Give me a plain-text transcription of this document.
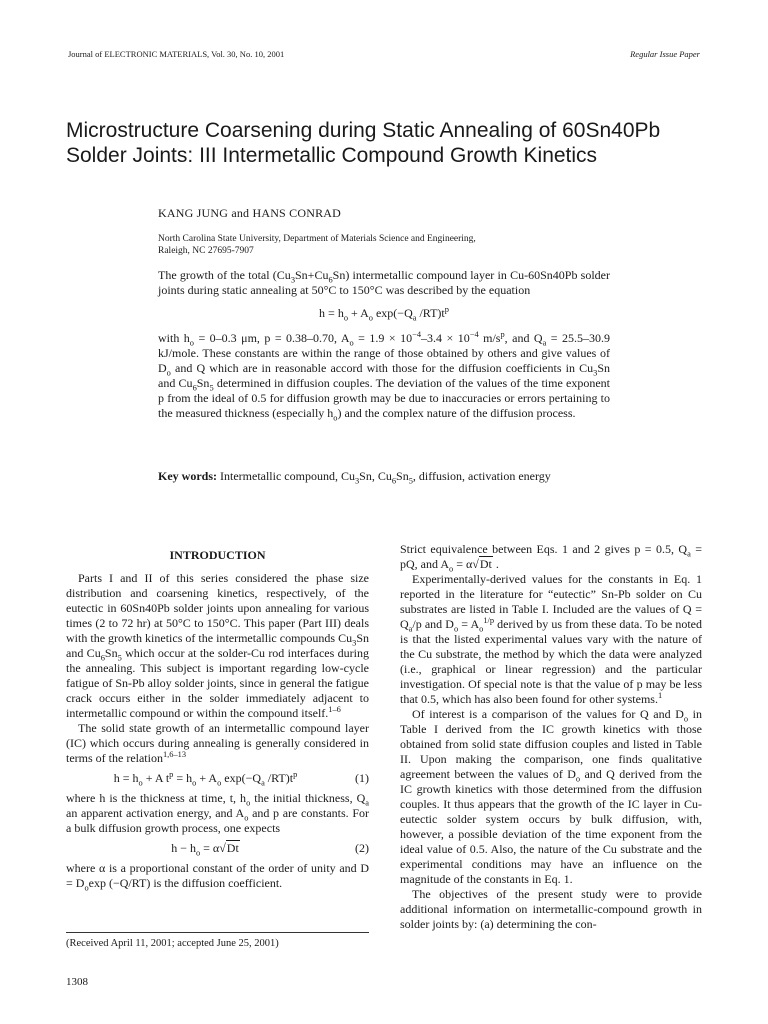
Journal of ELECTRONIC MATERIALS, Vol. 30, No. 10, 2001	Regular Issue Paper
Microstructure Coarsening during Static Annealing of 60Sn40Pb Solder Joints: III Intermetallic Compound Growth Kinetics
KANG JUNG and HANS CONRAD
North Carolina State University, Department of Materials Science and Engineering,
Raleigh, NC 27695-7907

The growth of the total $(Cu_3Sn+Cu_6Sn)$ intermetallic compound layer in Cu-60Sn40Pb solder joints during static annealing at 50°C to 150°C was described by the equation

$h = h_o + A_o$ $\exp(-Q_a$ $/RT)t^p$

with $h_o = 0-0.3$ μm, p = 0.38–0.70, $A_o = 1.9 \times 10^{-4}-3.4 \times 10^{-4}$ $m/s^p$, and $Q_a = 25.5-30.9$ kJ/mole. These constants are within the range of those obtained by others and give values of $D_o$ and Q which are in reasonable accord with those for the diffusion coefficients in $Cu_3Sn$ and $Cu_6Sn_5$ determined in diffusion couples. The deviation of the values of the time exponent p from the ideal of 0.5 for diffusion growth may be due to inaccuracies or errors pertaining to the measured thickness (especially $h_o$) and the complex nature of the diffusion process.

Key words: Intermetallic compound, $Cu_3Sn$, $Cu_6Sn_5$, diffusion, activation energy

INTRODUCTION

Parts I and II of this series considered the phase size distribution and coarsening kinetics, respectively, of the eutectic in 60Sn40Pb solder joints upon annealing for various times (2 to 72 hr) at 50°C to 150°C. This paper (Part III) deals with the growth kinetics of the intermetallic compounds $Cu_3Sn$ and $Cu_6Sn_5$ which occur at the solder-Cu rod interfaces during the annealing. This subject is important regarding low-cycle fatigue of Sn-Pb alloy solder joints, since in general the fatigue crack occurs either in the solder immediately adjacent to intermetallic compound or within the compound itself.$^{1-6}$

The solid state growth of an intermetallic compound layer (IC) which occurs during annealing is generally considered in terms of the relation$^{1,6-13}$

$h = h_o + A$ $t^p = h_o + A_o$ $\exp(-Q_a$ $/RT)t^p$	(1)

where h is the thickness at time, t, $h_o$ the initial thickness, $Q_a$ an apparent activation energy, and $A_o$ and p are constants. For a bulk diffusion growth process, one expects

$h - h_o = \alpha√Dt$	(2)

where α is a proportional constant of the order of unity and $D = D_o\exp$ (−Q/RT) is the diffusion coefficient.

(Received April 11, 2001; accepted June 25, 2001)

Strict equivalence between Eqs. 1 and 2 gives p = 0.5, $Q_a$ = pQ, and $A_o = \alpha√Dt$ .

Experimentally-derived values for the constants in Eq. 1 reported in the literature for “eutectic” Sn-Pb solder on Cu substrates are listed in Table I. Included are the values of $Q = Q_a/p$ and $D_o = A_o^{1/p}$ derived by us from these data. To be noted is that the listed experimental values vary with the nature of the Cu substrate, the method by which the data were analyzed (i.e., graphical or linear regression) and the particular investigation. Of special note is that the value of p may be less that 0.5, which has also been found for other systems.$^1$

Of interest is a comparison of the values for Q and $D_o$ in Table I derived from the IC growth kinetics with those obtained from solid state diffusion couples and listed in Table II. Upon making the comparison, one finds qualitative agreement between the values of $D_o$ and Q derived from the IC growth kinetics with those determined from the diffusion couples. It thus appears that the growth of the IC layer in Cu-eutectic solder system occurs by bulk diffusion, with, however, a possible deviation of the time exponent from the ideal value of 0.5. Also, the nature of the Cu substrate and the experimental conditions may have an influence on the magnitude of the constants in Eq. 1.

The objectives of the present study were to provide additional information on intermetallic-compound growth in solder joints by: (a) determining the con-

1308
